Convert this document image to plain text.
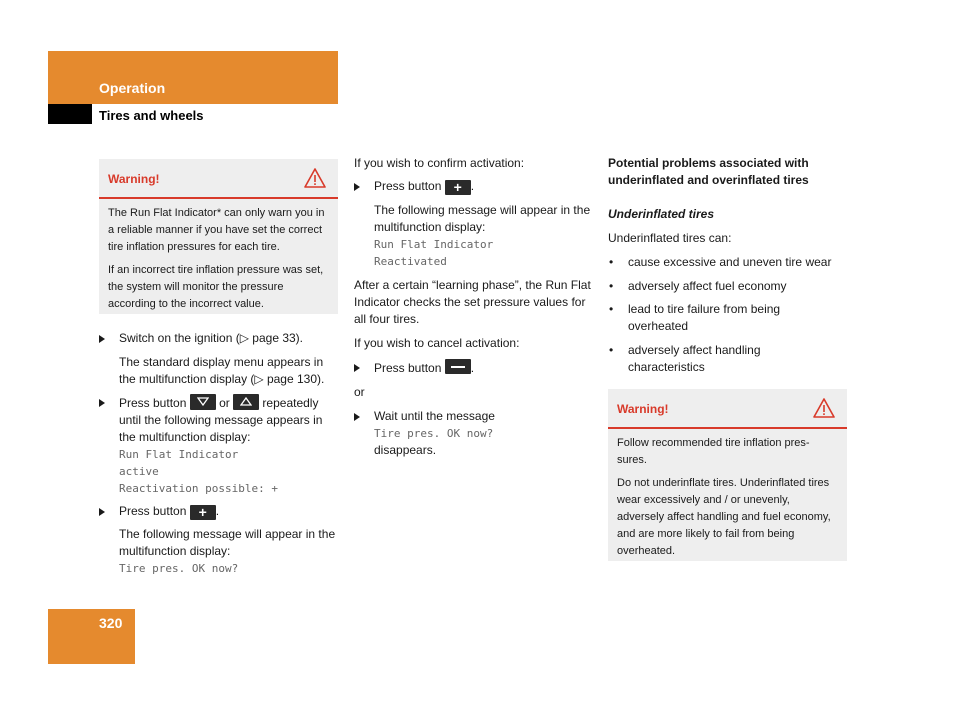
Operation
Tires and wheels
Warning!

The Run Flat Indicator* can only warn you in a reliable manner if you have set the correct tire inflation pressures for each tire.

If an incorrect tire inflation pressure was set, the system will monitor the pressure according to the incorrect value.

Switch on the ignition (▷ page 33).

The standard display menu appears in the multifunction display (▷ page 130).

Press button	or	repeatedly until the following message appears in the multifunction display:

Run Flat Indicator
active
Reactivation possible: +

Press button + .

The following message will appear in the multifunction display:

Tire pres. OK now?

If you wish to confirm activation:

Press button + .

The following message will appear in the multifunction display:

Run Flat Indicator
Reactivated

After a certain “learning phase”, the Run Flat Indicator checks the set pressure values for all four tires.

If you wish to cancel activation:

Press button .

or

Wait until the message

Tire pres. OK now?

disappears.

Potential problems associated with underinflated and overinflated tires

Underinflated tires

Underinflated tires can:

• cause excessive and uneven tire wear

• adversely affect fuel economy

• lead to tire failure from being overheated

• adversely affect handling characteristics

Warning!

Follow recommended tire inflation pres-sures.

Do not underinflate tires. Underinflated tires wear excessively and / or unevenly, adversely affect handling and fuel economy, and are more likely to fail from being overheated.

320
